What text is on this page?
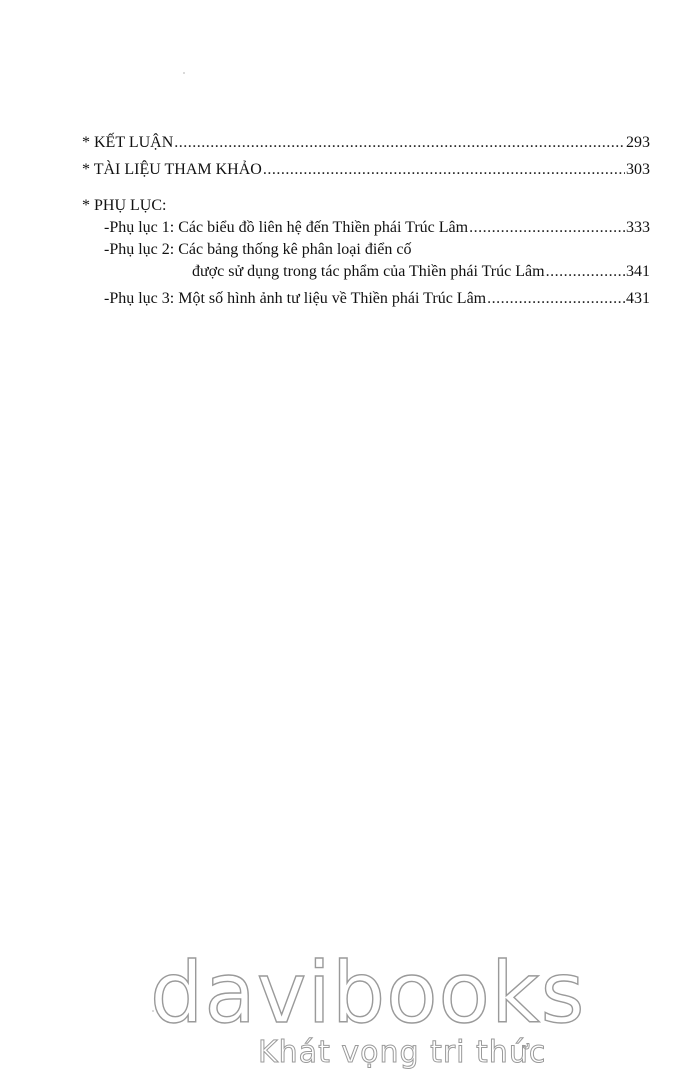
* KẾT LUẬN .....	293
* TÀI LIỆU THAM KHẢO .....	303
* PHỤ LỤC:
-Phụ lục 1: Các biểu đồ liên hệ đến Thiền phái Trúc Lâm .....	333
-Phụ lục 2: Các bảng thống kê phân loại điển cố
được sử dụng trong tác phẩm của Thiền phái Trúc Lâm .....	341
-Phụ lục 3: Một số hình ảnh tư liệu về Thiền phái Trúc Lâm .....	431
davibooks
Khát vọng tri thức
